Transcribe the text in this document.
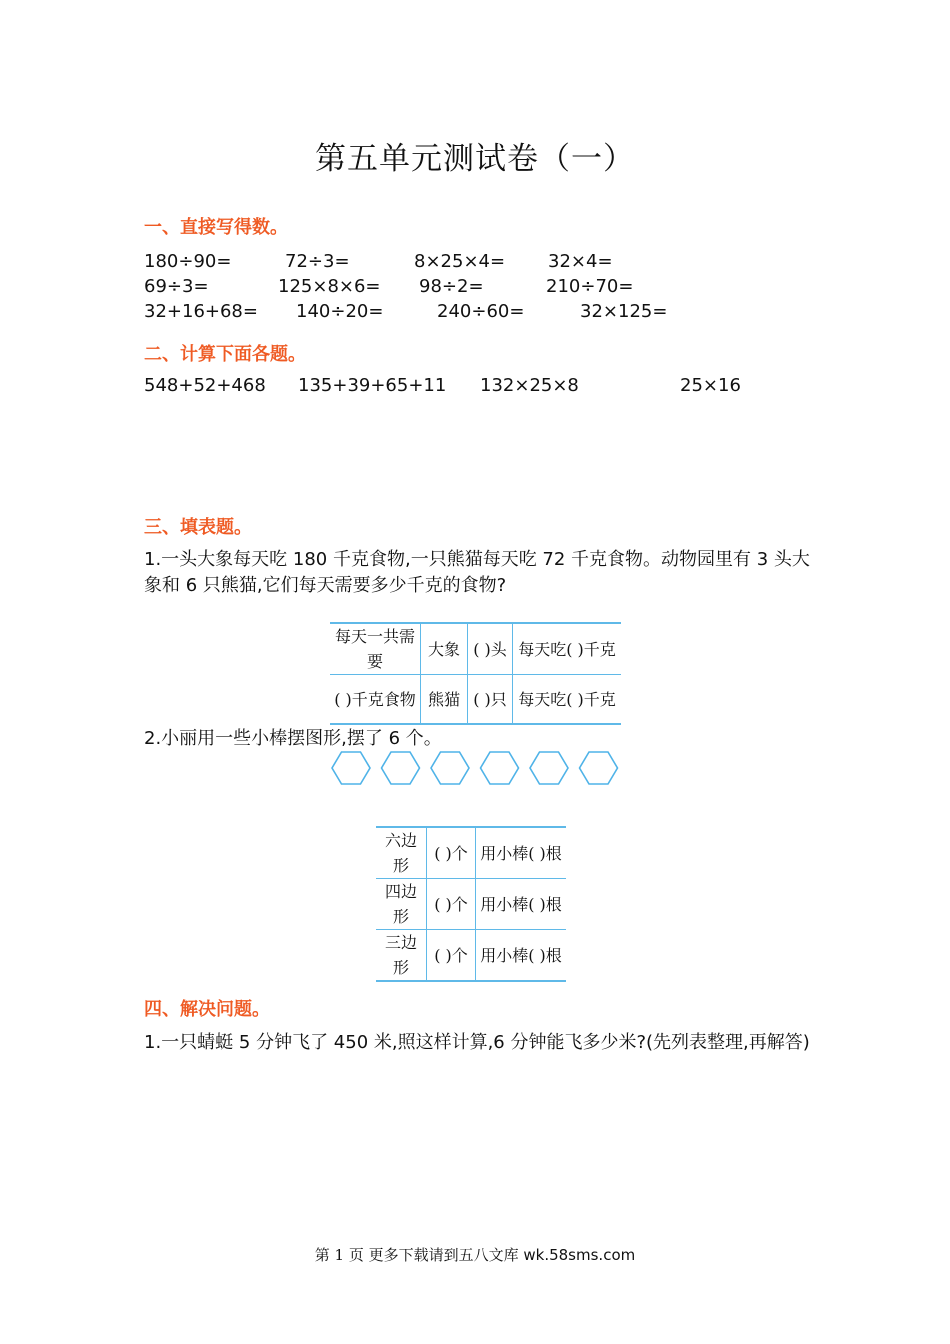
第五单元测试卷（一）
一、直接写得数。
180÷90=	72÷3=	8×25×4= 32×4=
69÷3=	125×8×6= 98÷2=	210÷70=
32+16+68= 140÷20=	240÷60=	32×125=
二、计算下面各题。
548+52+468 135+39+65+11 132×25×8	25×16
三、填表题。
1.一头大象每天吃 180 千克食物,一只熊猫每天吃 72 千克食物。动物园里有 3 头大象和 6 只熊猫,它们每天需要多少千克的食物?
每天一共需要	大象	( )头	每天吃( )千克
( )千克食物	熊猫	( )只	每天吃( )千克
2.小丽用一些小棒摆图形,摆了 6 个。
六边形	( )个	用小棒( )根
四边形	( )个	用小棒( )根
三边形	( )个	用小棒( )根
四、解决问题。
1.一只蜻蜓 5 分钟飞了 450 米,照这样计算,6 分钟能飞多少米?(先列表整理,再解答)
第 1 页 更多下载请到五八文库 wk.58sms.com
